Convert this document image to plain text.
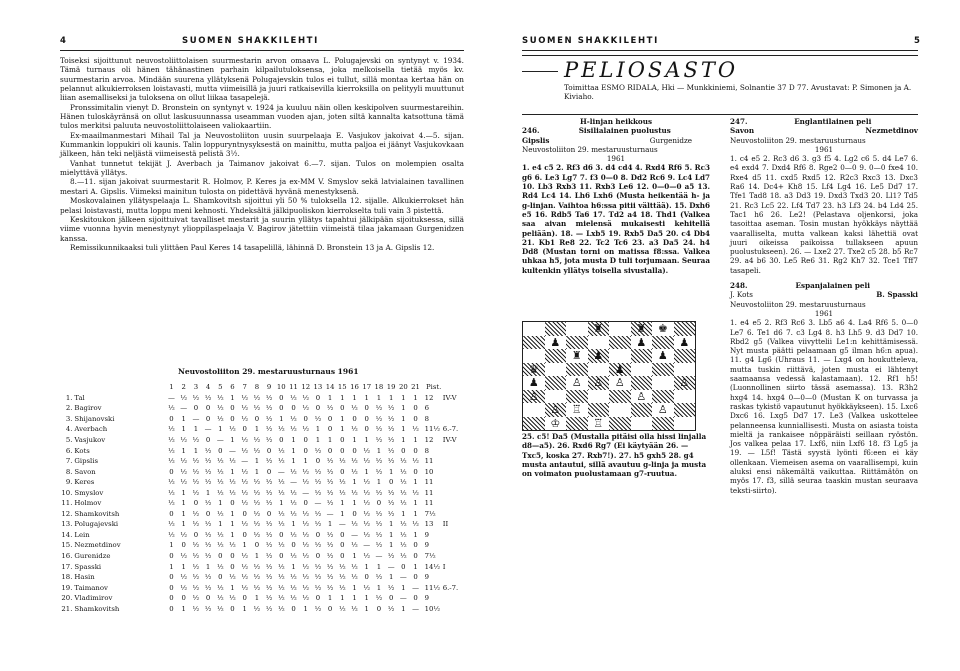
4	SUOMEN SHAKKILEHTI

Toiseksi sijoittunut neuvostoliittolaisen suurmestarin arvon omaava L. Polugajevski on syntynyt v. 1934. Tämä turnaus oli hänen tähänastinen parhain kilpailutuloksensa, joka melkoisella tietää myös kv. suurmestarin arvoa. Mindään suurena yllätyksenä Polugajevskin tulos ei tullut, sillä montaa kertaa hän on pelannut alkukierroksen loistavasti, mutta viimeisillä ja juuri ratkaisevilla kierroksilla on pelityyli muuttunut liian asemalliseksi ja tuloksena on ollut liikaa tasapelejä.

Pronssimitalin vienyt D. Bronstein on syntynyt v. 1924 ja kuuluu näin ollen keskipolven suurmestareihin. Hänen tuloskäyränsä on ollut laskusuunnassa useamman vuoden ajan, joten siltä kannalta katsottuna tämä tulos merkitsi paluuta neuvostoliittolaiseen valiokaartiin.

Ex-maailmanmestari Mihail Tal ja Neuvostoliiton uusin suurpelaaja E. Vasjukov jakoivat 4.—5. sijan. Kummankin loppukiri oli kaunis. Talin loppuryntnysyksestä on mainittu, mutta paljoa ei jäänyt Vasjukovkaan jälkeen, hän teki neljästä viimeisestä pelistä 3½.

Vanhat tunnetut tekijät J. Averbach ja Taimanov jakoivat 6.—7. sijan. Tulos on molempien osalta mielyttävä yllätys.

8.—11. sijan jakoivat suurmestarit R. Holmov, P. Keres ja ex-MM V. Smyslov sekä latvialainen tavallinen mestari A. Gipslis. Viimeksi mainitun tulosta on pidettävä hyvänä menestyksenä.

Moskovalainen yllätyspelaaja L. Shamkovitsh sijoittui yli 50 % tuloksella 12. sijalle. Alkukierrokset hän pelasi loistavasti, mutta loppu meni kehnosti. Yhdeksältä jälkipuoliskon kierrokselta tuli vain 3 pistettä.

Keskitoukon jälkeen sijoittuivat tavalliset mestarit ja suurin yllätys tapahtui jälkipään sijoituksessa, sillä viime vuonna hyvin menestynyt ylioppilaspelaaja V. Bagirov jätettiin viimeistä tilaa jakamaan Gurgenidzen kanssa.

Remissikunnikaaksi tuli ylittäen Paul Keres 14 tasapelillä, lähinnä D. Bronstein 13 ja A. Gipslis 12.

Neuvostoliiton 29. mestaruusturnaus 1961
		1	2	3	4	5	6	7	8	9	10	11	12	13	14	15	16	17	18	19	20	21	Pist.	
1.	Tal	—	½	½	½	½	1	½	½	½	0	½	½	0	1	1	1	1	1	1	1	1	12	IV-V
2.	Bagirov	½	—	0	0	½	0	½	½	½	0	0	½	0	½	0	½	0	½	½	1	0	6	
3.	Shijanovski	0	1	—	0	½	0	½	0	½	1	½	0	½	0	1	0	0	½	½	1	0	8	
4.	Averbach	½	1	1	—	1	½	0	1	½	½	½	½	1	0	1	½	0	½	½	1	½	11½	6.-7.
5.	Vasjukov	½	½	½	0	—	1	½	½	½	0	1	0	1	1	0	1	1	½	½	1	1	12	IV-V
6.	Kots	½	1	1	½	0	—	½	½	0	½	1	0	½	0	0	0	½	1	½	0	0	8	
7.	Gipslis	½	½	½	½	½	½	—	1	½	½	1	1	0	½	½	½	½	½	½	½	½	11	
8.	Savon	0	½	½	½	½	1	½	1	0	—	½	½	½	½	0	½	1	½	1	½	0	10	
9.	Keres	½	½	½	½	½	½	½	½	½	½	—	½	½	½	½	1	½	1	0	½	1	11	
10.	Smyslov	½	1	½	1	½	½	½	½	½	½	½	—	½	½	½	½	½	½	½	½	½	11	
11.	Holmov	½	1	0	½	1	0	½	½	½	1	½	0	—	½	1	1	½	0	½	½	1	11	
12.	Shamkovitsh	0	1	½	0	½	1	0	½	0	½	½	½	½	—	1	0	½	½	½	1	1	7½	
13.	Polugajevski	½	1	½	½	1	1	½	½	½	½	1	½	½	1	—	½	½	½	1	½	½	13	II
14.	Lein	½	½	0	½	½	1	0	½	½	0	½	½	0	½	0	—	½	½	1	½	1	9	
15.	Nezmetdinov	1	0	½	½	½	½	1	0	½	½	0	½	½	½	0	½	—	½	1	½	0	9	
16.	Gurenidze	0	½	½	½	0	0	½	1	½	0	½	½	0	½	0	1	½	—	½	½	0	7½	
17.	Spasski	1	1	½	1	½	0	½	½	½	½	1	½	½	½	½	½	1	1	—	0	1	14½	I
18.	Hasin	0	½	½	½	0	½	½	½	½	½	½	½	½	½	½	½	0	½	1	—	0	9	
19.	Taimanov	0	½	½	½	½	1	½	½	½	½	½	½	½	½	½	1	½	1	½	1	—	11½	6.-7.
20.	Vladimirov	0	0	½	0	½	½	0	1	½	½	½	½	0	1	1	1	1	½	0	—	0	9	
21.	Shamkovitsh	0	1	½	½	½	0	1	½	½	½	0	1	½	0	½	½	1	0	½	1	—	10½	
SUOMEN SHAKKILEHTI	5
PELIOSASTO
Toimittaa ESMO RIDALA, Hki — Munkkiniemi, Solnantie 37 D 77. Avustavat: P. Simonen ja A. Kiviaho.
H-linjan heikkous
246.	Sisilialainen puolustus
Gipslis	Gurgenidze
Neuvostoliiton 29. mestaruusturnaus
1961

1. e4 c5 2. Rf3 d6 3. d4 cd4 4. Rxd4 Rf6 5. Rc3 g6 6. Le3 Lg7 7. f3 0—0 8. Dd2 Rc6 9. Lc4 Ld7 10. Lb3 Rxb3 11. Rxb3 Le6 12. 0—0—0 a5 13. Rd4 Lc4 14. Lh6 Lxh6 (Musta heikentää h- ja g-linjan. Vaihtoa h6:ssa pitii välttää). 15. Dxh6 e5 16. Rdb5 Ta6 17. Td2 a4 18. Thd1 (Valkea saa aivan mielensä mukaisesti kehitellä peliään). 18. — Lxb5 19. Rxb5 Da5 20. c4 Db4 21. Kb1 Re8 22. Tc2 Tc6 23. a3 Da5 24. h4 Dd8 (Mustan torni on matissa f8:ssa. Valkea uhkaa h5, jota musta D tuli torjumaan. Seuraa kultenkin yllätys toisella sivustalla).

♜	♜	♚
♟	♟	♟
♜	♟	♟
♛	♟
♟	♙	♙	♙	♙
♙	♙
♙	♖	♙
♔	♖
25. c5! Da5 (Mustalla pitäisi olla hissi linjalla d8—a5). 26. Rxd6 Rg7 (Ei käytyään 26. — Txc5, koska 27. Rxb7!). 27. h5 gxh5 28. g4 musta antautui, sillä avautuu g-linja ja musta on voimaton puolustamaan g7-ruutua.
247.	Englantilainen peli
Savon	Nezmetdinov
Neuvostoliiton 29. mestaruusturnaus
1961

1. c4 e5 2. Rc3 d6 3. g3 f5 4. Lg2 c6 5. d4 Le7 6. e4 exd4 7. Dxd4 Rf6 8. Rge2 0—0 9. 0—0 fxe4 10. Rxe4 d5 11. cxd5 Rxd5 12. R2c3 Rxc3 13. Dxc3 Ra6 14. Dc4+ Kh8 15. Lf4 Lg4 16. Le5 Dd7 17. Tfe1 Tad8 18. a3 Dd3 19. Dxd3 Txd3 20. Ll1? Td5 21. Rc3 Lc5 22. Lf4 Td7 23. h3 Lf3 24. b4 Ld4 25. Tac1 h6 26. Le2! (Pelastava oljenkorsi, joka tasoittaa aseman. Tosin mustan hyökkäys näyttää vaaralliselta, mutta valkean kaksi lähettiä ovat juuri oikeissa paikoissa tullakseen apuun puolustukseen). 26. — Lxe2 27. Txe2 c5 28. b5 Rc7 29. a4 b6 30. Le5 Re6 31. Rg2 Kh7 32. Tce1 Tff7 tasapeli.

248.	Espanjalainen peli
J. Kots	B. Spasski
Neuvostoliiton 29. mestaruusturnaus
1961

1. e4 e5 2. Rf3 Rc6 3. Lb5 a6 4. La4 Rf6 5. 0—0 Le7 6. Te1 d6 7. c3 Lg4 8. h3 Lh5 9. d3 Dd7 10. Rbd2 g5 (Valkea viivyttelii Le1:n kehittämisessä. Nyt musta päätti pelaamaan g5 ilman h6:n apua). 11. g4 Lg6 (Uhraus 11. — Lxg4 on houkutteleva, mutta tuskin riittävä, joten musta ei lähtenyt saamaansa vedessä kalastamaan). 12. Rf1 h5! (Luonnollinen siirto tässä asemassa). 13. R3h2 hxg4 14. hxg4 0—0—0 (Mustan K on turvassa ja raskas tykistö vapautunut hyökkäykseen). 15. Lxc6 Dxc6 16. Lxg5 Dd7 17. Le3 (Valkea uskottelee pelanneensa kunniallisesti. Musta on asiasta toista mieltä ja rankaisee nöppäräisti seillaan ryöstön. Jos valkea pelaa 17. Lxf6, niin Lxf6 18. f3 Lg5 ja 19. — L5f! Tästä syystä lyönti f6:een ei käy ollenkaan. Viemeisen asema on vaarallisempi, kuin aluksi ensi näkemältä vaikuttaa. Riittämätön on myös 17. f3, sillä seuraa taaskin mustan seuraava teksti-siirto).
